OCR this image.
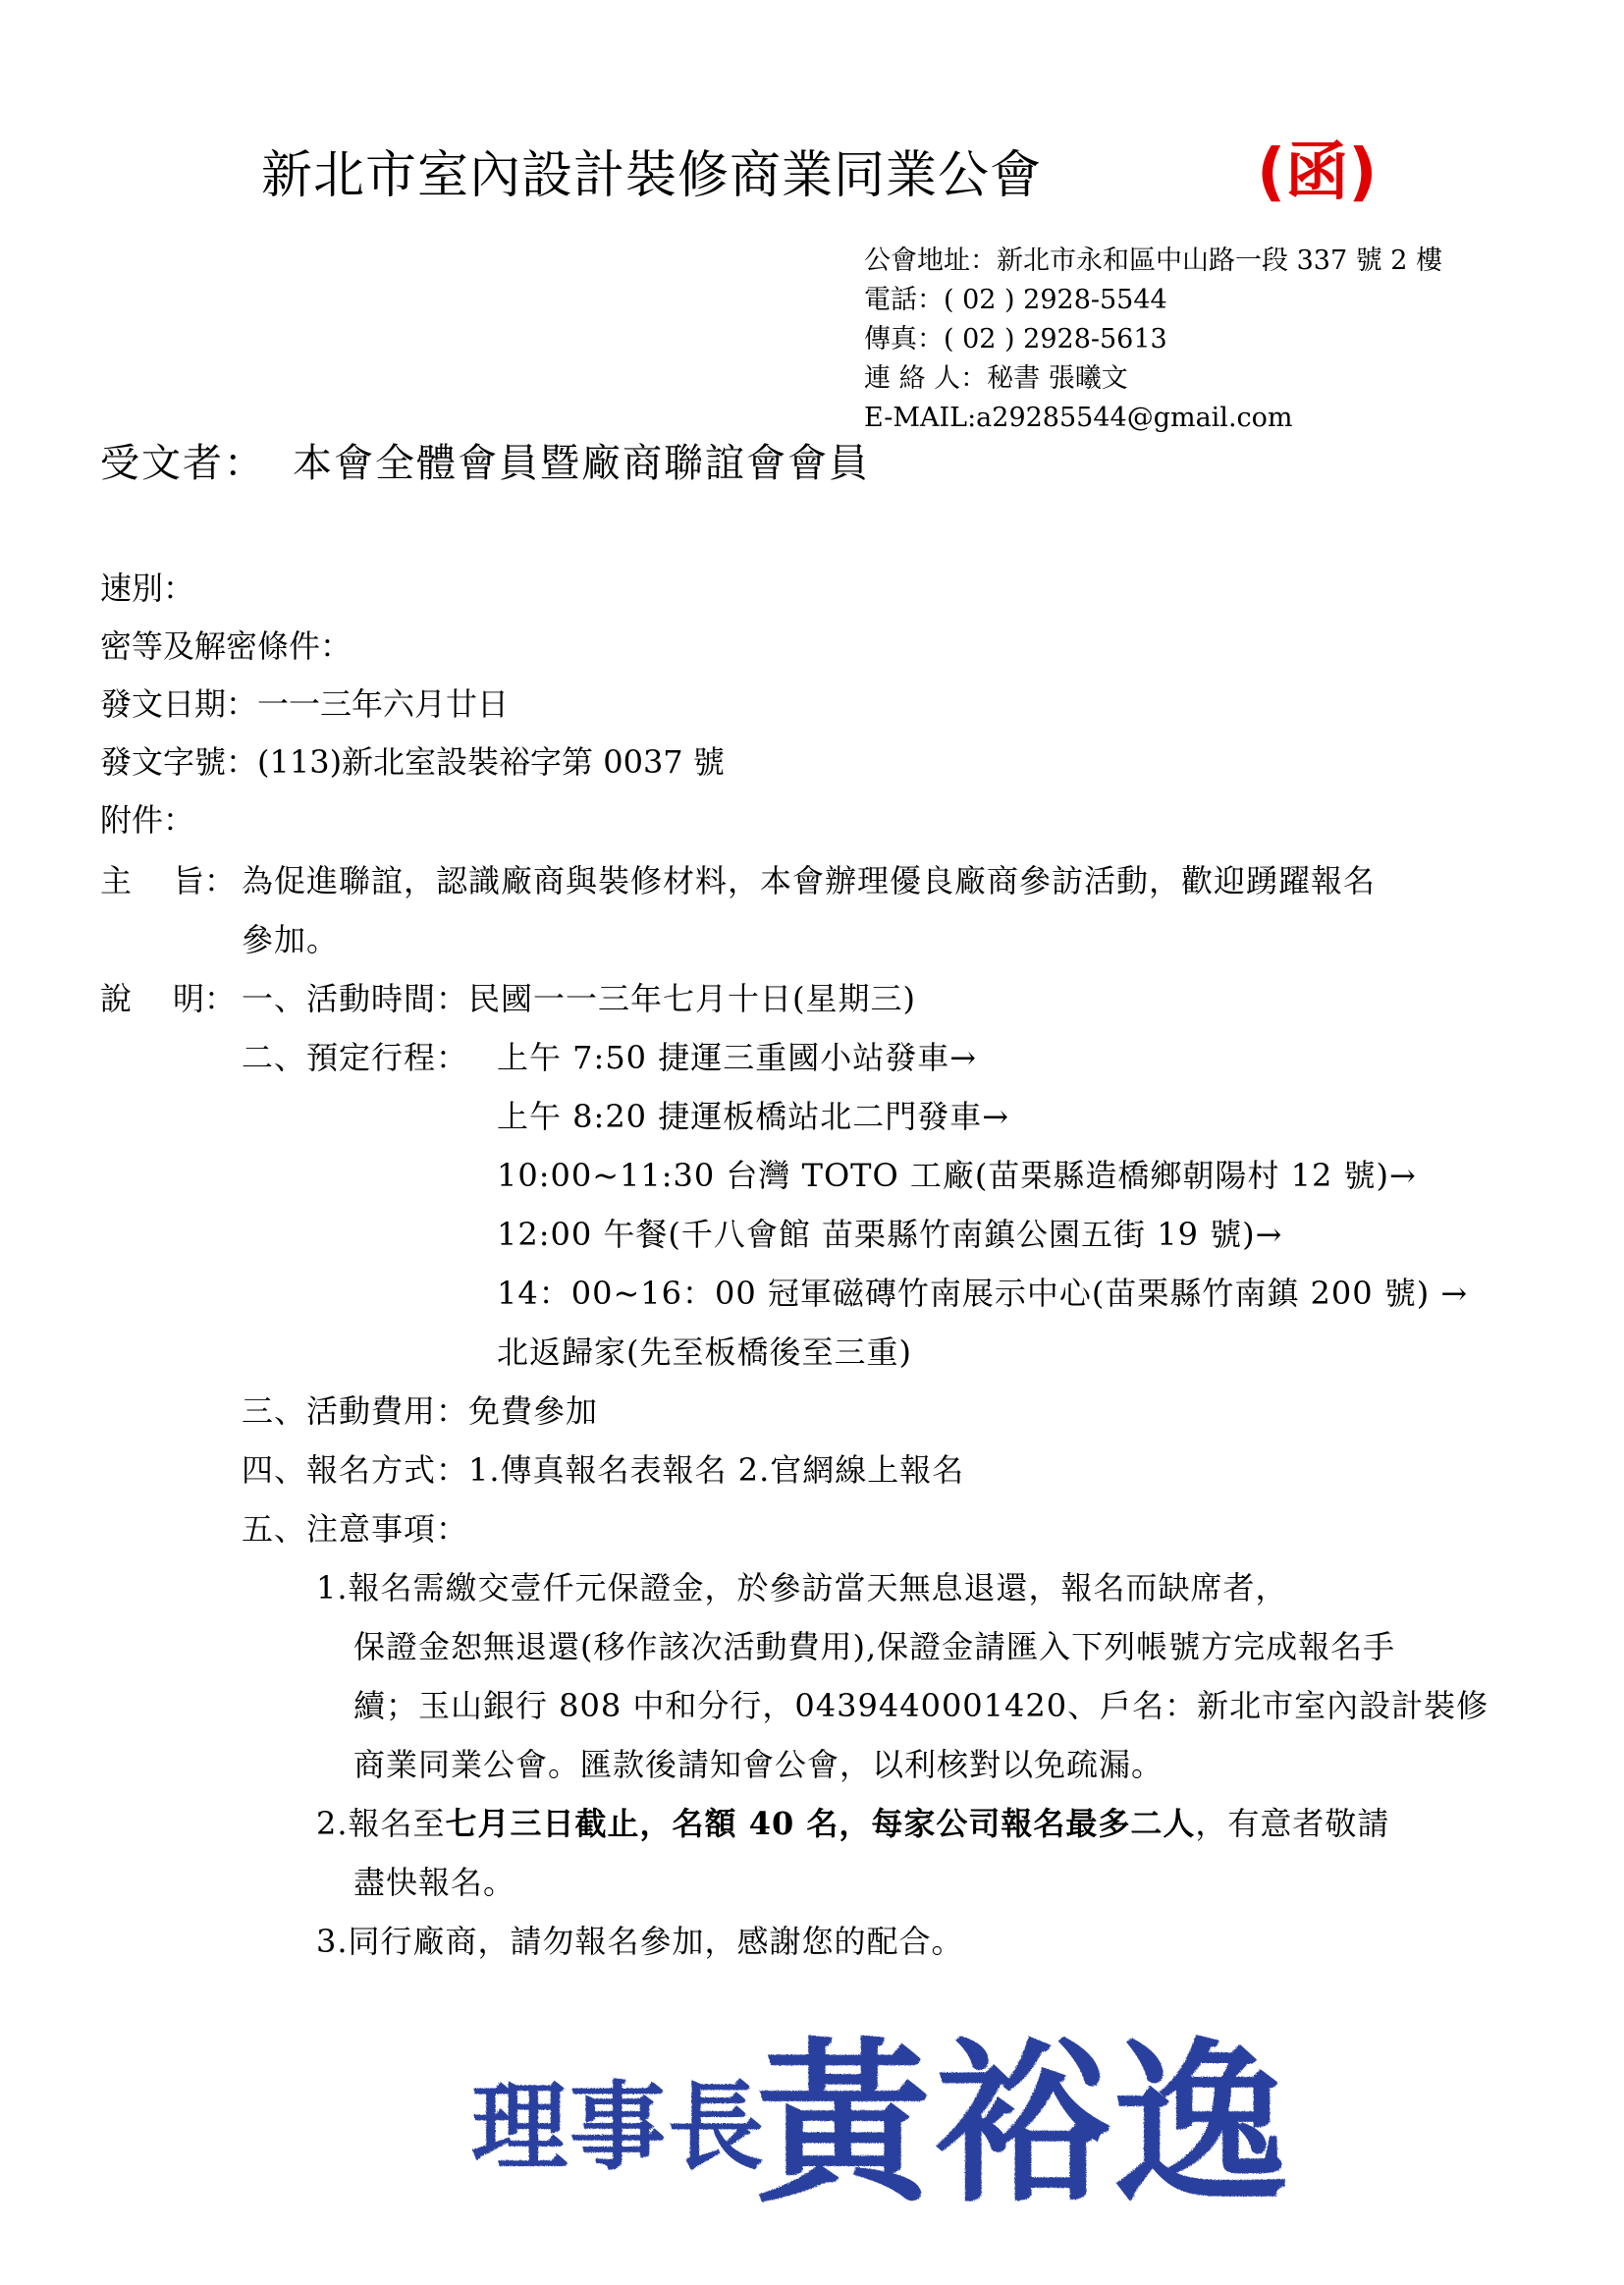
新北市室內設計裝修商業同業公會	(函)
公會地址：新北市永和區中山路一段 337 號 2 樓
電話：( 02 ) 2928-5544
傳真：( 02 ) 2928-5613
連 絡 人：秘書 張曦文
E-MAIL:a29285544@gmail.com
受文者： 本會全體會員暨廠商聯誼會會員
速別：
密等及解密條件：
發文日期：一一三年六月廿日
發文字號：(113)新北室設裝裕字第 0037 號
附件：
主 旨： 為促進聯誼，認識廠商與裝修材料，本會辦理優良廠商參訪活動，歡迎踴躍報名
參加。
說 明： 一、活動時間：民國一一三年七月十日(星期三)
二、預定行程： 上午 7:50 捷運三重國小站發車→
上午 8:20 捷運板橋站北二門發車→
10:00~11:30 台灣 TOTO 工廠(苗栗縣造橋鄉朝陽村 12 號)→
12:00 午餐(千八會館 苗栗縣竹南鎮公園五街 19 號)→
14：00~16：00 冠軍磁磚竹南展示中心(苗栗縣竹南鎮 200 號) →
北返歸家(先至板橋後至三重)
三、活動費用：免費參加
四、報名方式：1.傳真報名表報名 2.官網線上報名
五、注意事項：
1.報名需繳交壹仟元保證金，於參訪當天無息退還，報名而缺席者，
保證金恕無退還(移作該次活動費用),保證金請匯入下列帳號方完成報名手
續；玉山銀行 808 中和分行，0439440001420、戶名：新北市室內設計裝修
商業同業公會。匯款後請知會公會，以利核對以免疏漏。
2.報名至七月三日截止，名額 40 名，每家公司報名最多二人，有意者敬請
盡快報名。
3.同行廠商，請勿報名參加，感謝您的配合。
理事長
黃裕逸
